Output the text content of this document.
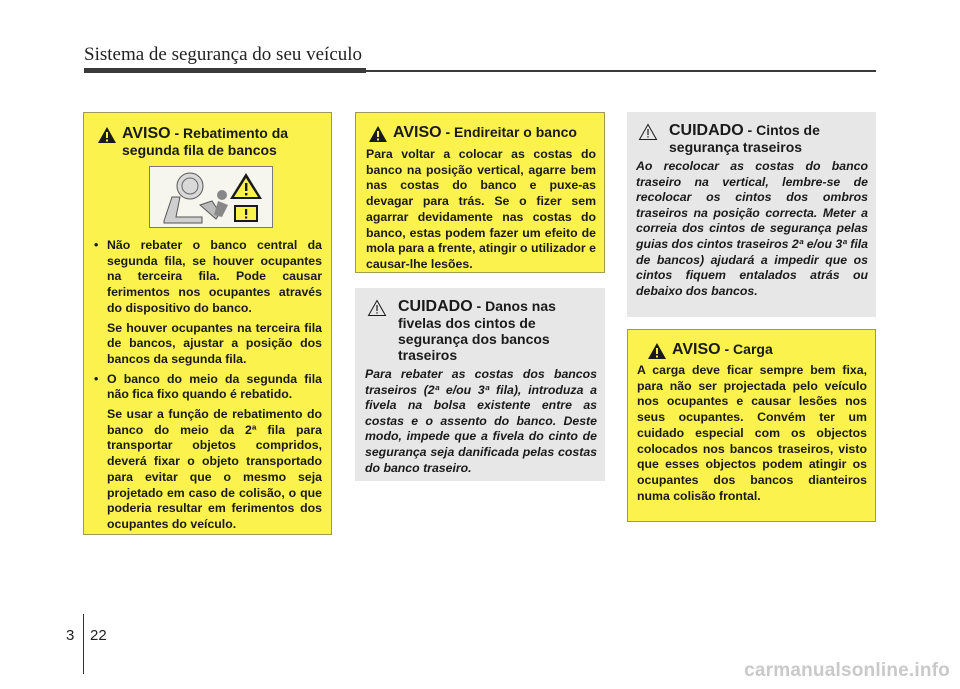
Sistema de segurança do seu veículo
AVISO - Rebatimento da segunda fila de bancos

• Não rebater o banco central da segunda fila, se houver ocupantes na terceira fila. Pode causar ferimentos nos ocupantes através do dispositivo do banco.

Se houver ocupantes na terceira fila de bancos, ajustar a posição dos bancos da segunda fila.

• O banco do meio da segunda fila não fica fixo quando é rebatido.

Se usar a função de rebatimento do banco do meio da 2ª fila para transportar objetos compridos, deverá fixar o objeto transportado para evitar que o mesmo seja projetado em caso de colisão, o que poderia resultar em ferimentos dos ocupantes do veículo.

AVISO - Endireitar o banco
Para voltar a colocar as costas do banco na posição vertical, agarre bem nas costas do banco e puxe-as devagar para trás. Se o fizer sem agarrar devidamente nas costas do banco, estas podem fazer um efeito de mola para a frente, atingir o utilizador e causar-lhe lesões.
CUIDADO - Danos nas fivelas dos cintos de segurança dos bancos traseiros
Para rebater as costas dos bancos traseiros (2ª e/ou 3ª fila), introduza a fivela na bolsa existente entre as costas e o assento do banco. Deste modo, impede que a fivela do cinto de segurança seja danificada pelas costas do banco traseiro.
CUIDADO - Cintos de segurança traseiros
Ao recolocar as costas do banco traseiro na vertical, lembre-se de recolocar os cintos dos ombros traseiros na posição correcta. Meter a correia dos cintos de segurança pelas guias dos cintos traseiros 2ª e/ou 3ª fila de bancos) ajudará a impedir que os cintos fiquem entalados atrás ou debaixo dos bancos.
AVISO - Carga
A carga deve ficar sempre bem fixa, para não ser projectada pelo veículo nos ocupantes e causar lesões nos seus ocupantes. Convém ter um cuidado especial com os objectos colocados nos bancos traseiros, visto que esses objectos podem atingir os ocupantes dos bancos dianteiros numa colisão frontal.
3 22
carmanualsonline.info
